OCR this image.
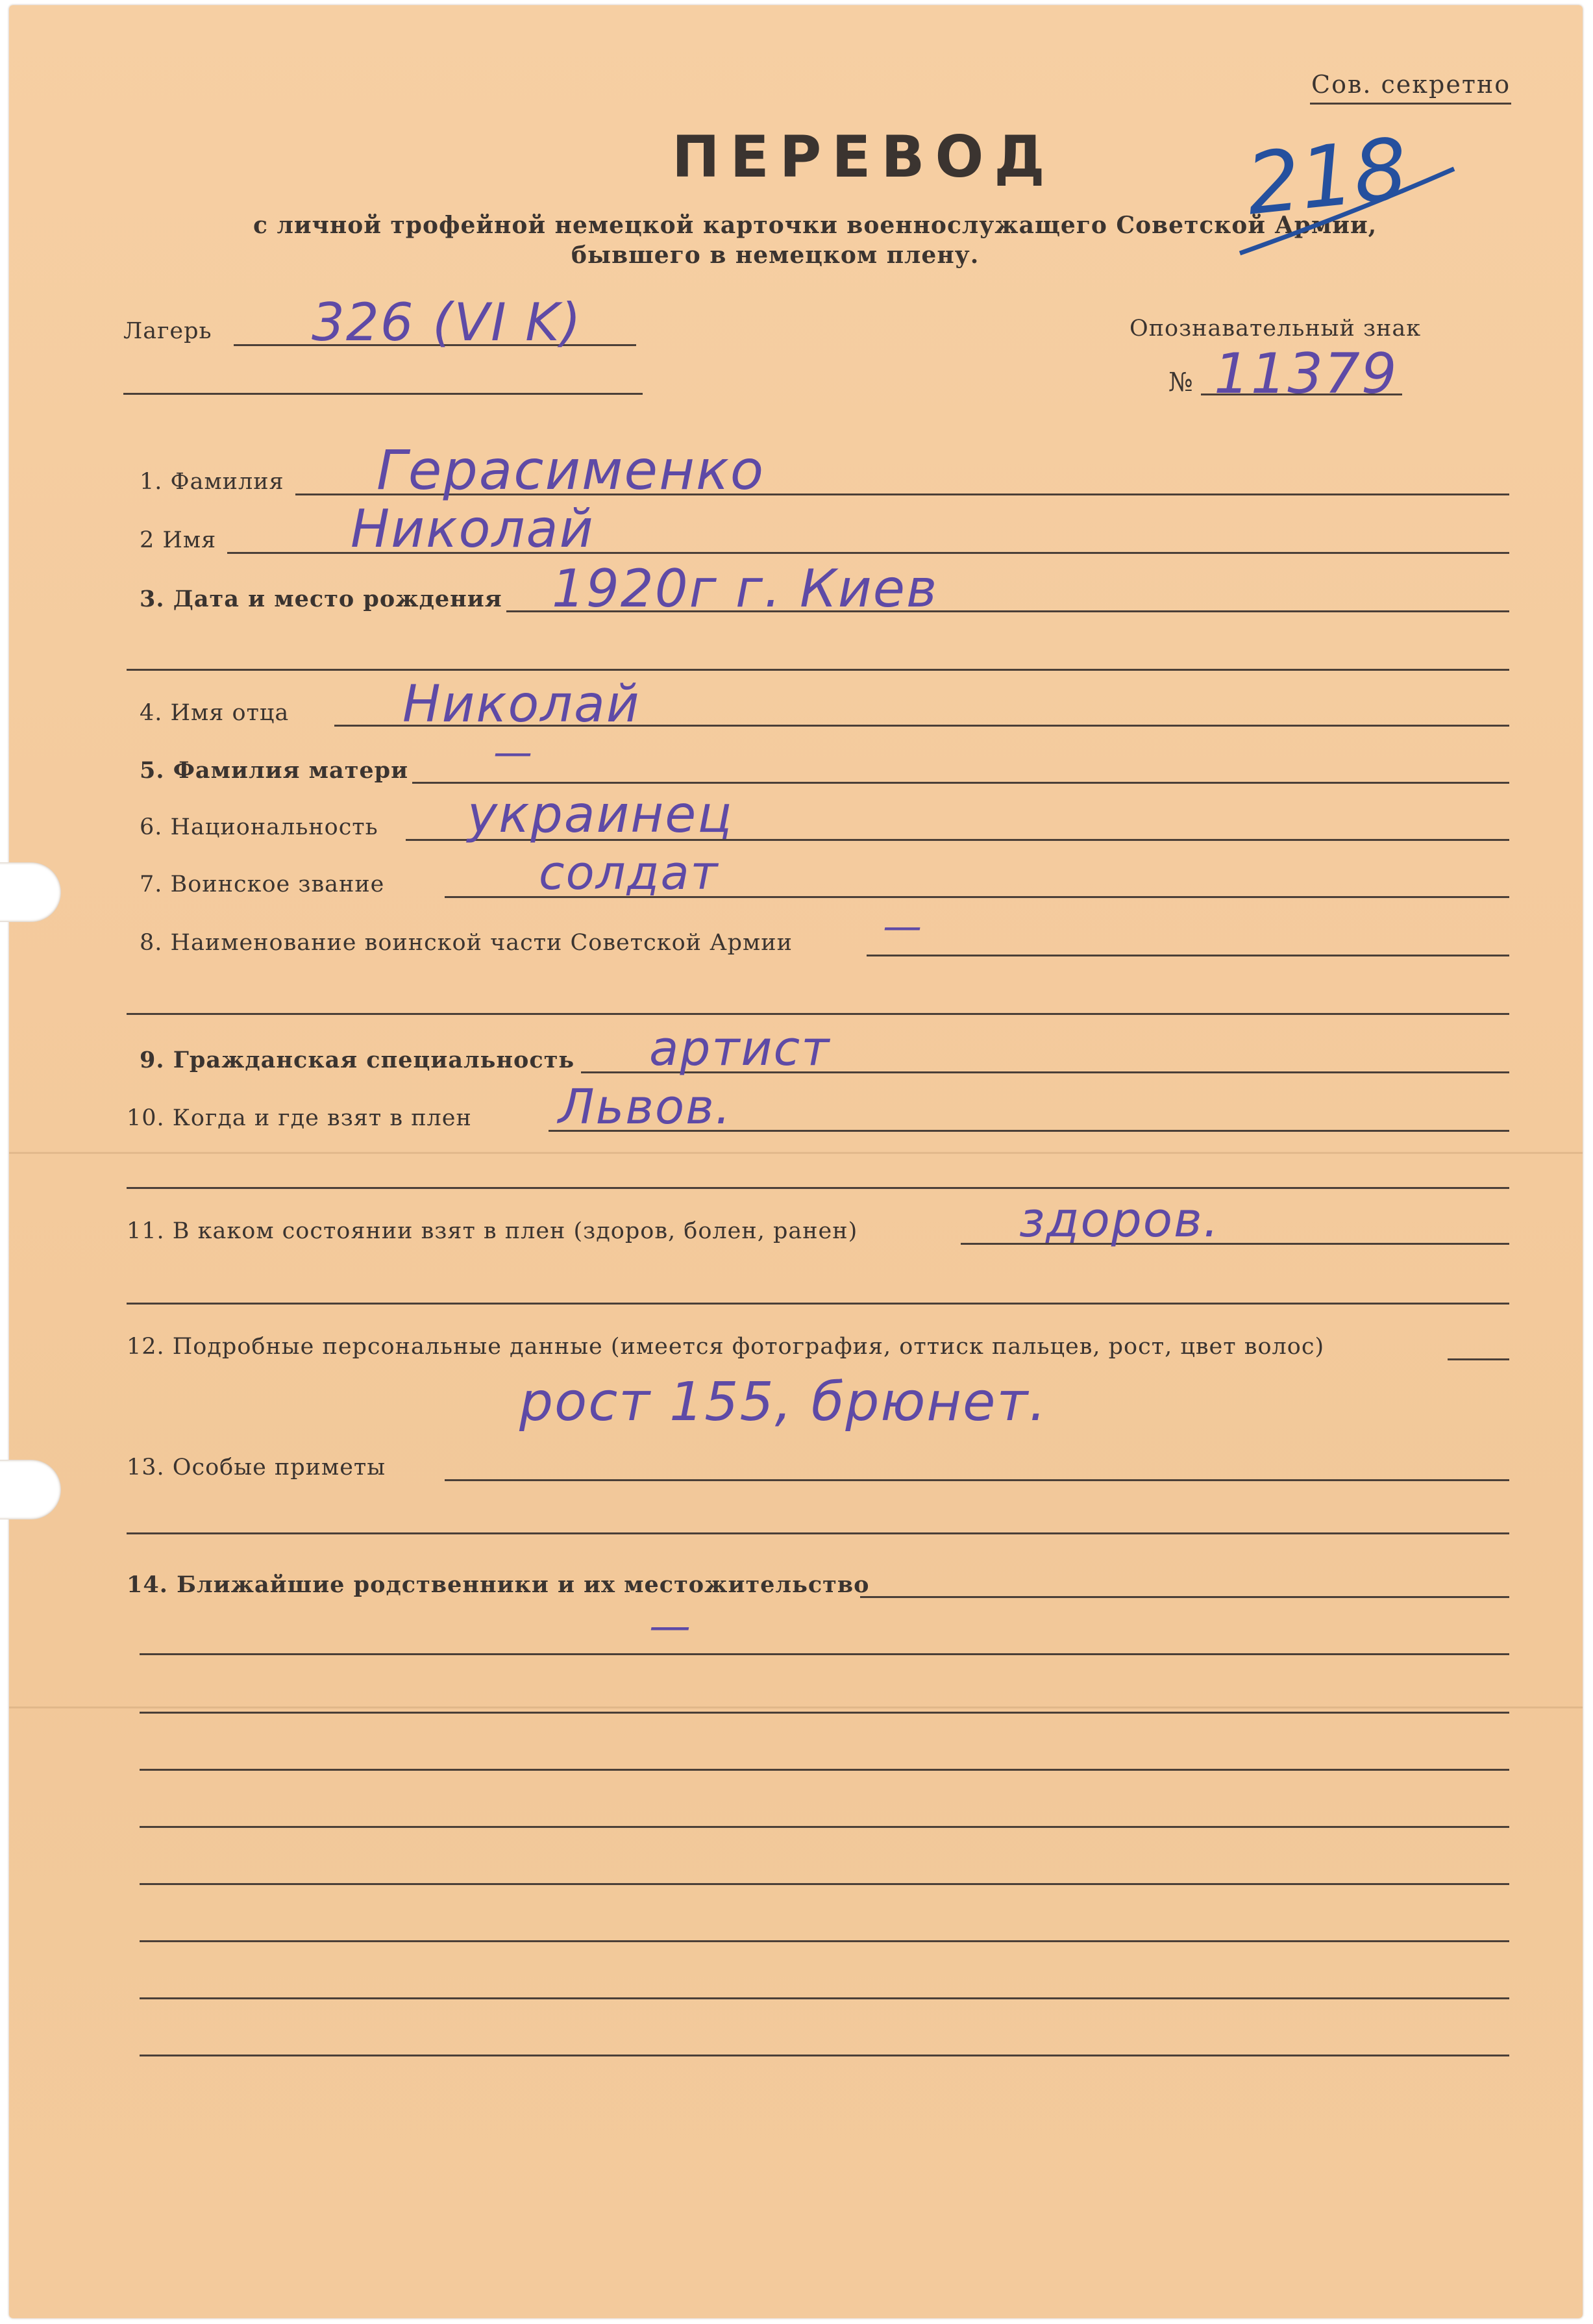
Сов. секретно
ПЕРЕВОД
с личной трофейной немецкой карточки военнослужащего Советской Армии,
бывшего в немецком плену.
218
Лагерь 326 (VI K)	Опознавательный знак
№ 11379
1. Фамилия Герасименко
2 Имя	Николай
3. Дата и место рождения 1920г г. Киев
4. Имя отца Николай
5. Фамилия матери —
6. Национальность украинец
7. Воинское звание	солдат
8. Наименование воинской части Советской Армии —
9. Гражданская специальность артист
10. Когда и где взят в плен Львов.
11. В каком состоянии взят в плен (здоров, болен, ранен)	здоров.
12. Подробные персональные данные (имеется фотография, оттиск пальцев, рост, цвет волос)
рост 155, брюнет.
13. Особые приметы
14. Ближайшие родственники и их местожительство
—
